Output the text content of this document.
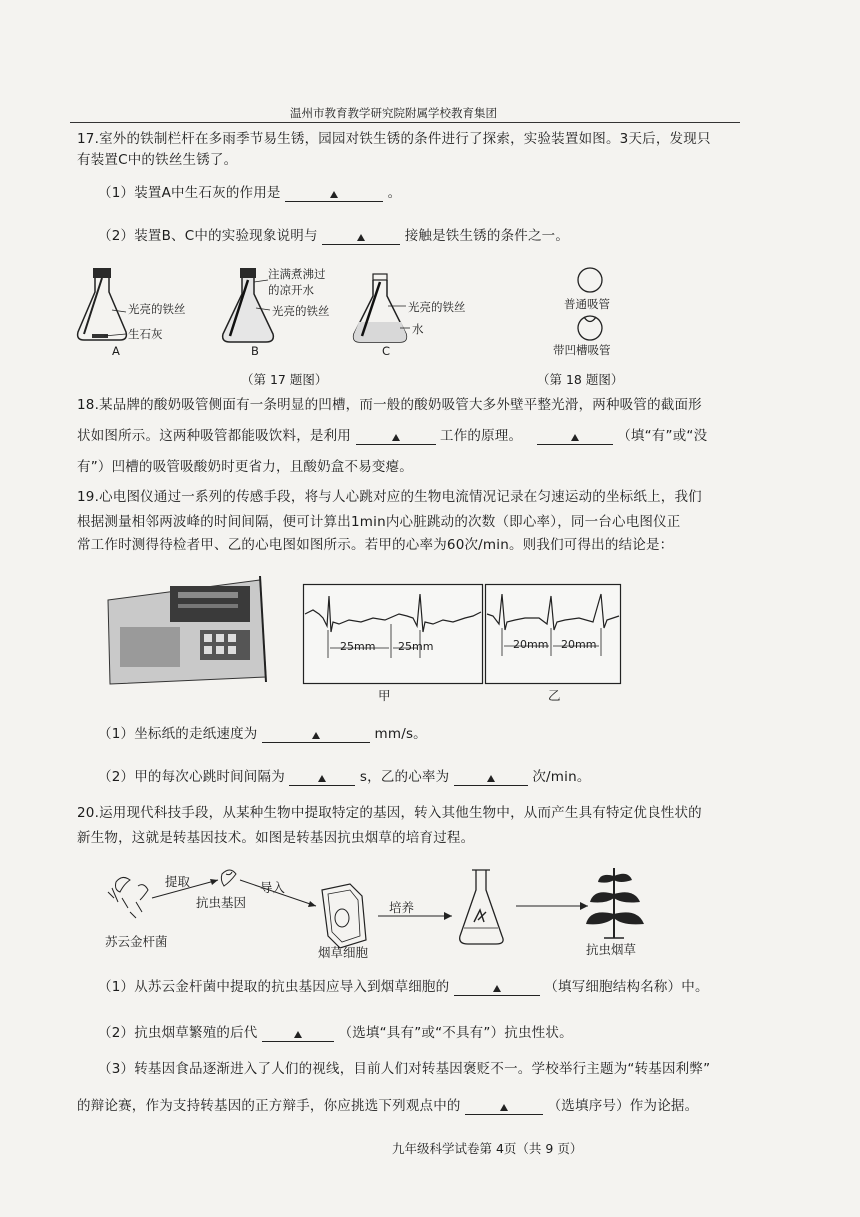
温州市教育教学研究院附属学校教育集团
17.室外的铁制栏杆在多雨季节易生锈，园园对铁生锈的条件进行了探索，实验装置如图。3天后，发现只
有装置C中的铁丝生锈了。
（1）装置A中生石灰的作用是	。
（2）装置B、C中的实验现象说明与	接触是铁生锈的条件之一。
光亮的铁丝
生石灰
注满煮沸过
的凉开水
光亮的铁丝	光亮的铁丝
水
A	B	C
普通吸管
带凹槽吸管
（第 17 题图）	（第 18 题图）
18.某品牌的酸奶吸管侧面有一条明显的凹槽，而一般的酸奶吸管大多外壁平整光滑，两种吸管的截面形
状如图所示。这两种吸管都能吸饮料，是利用	工作的原理。	（填“有”或“没
有”）凹槽的吸管吸酸奶时更省力，且酸奶盒不易变瘪。
19.心电图仪通过一系列的传感手段，将与人心跳对应的生物电流情况记录在匀速运动的坐标纸上，我们
根据测量相邻两波峰的时间间隔，便可计算出1min内心脏跳动的次数（即心率），同一台心电图仪正
常工作时测得待检者甲、乙的心电图如图所示。若甲的心率为60次/min。则我们可得出的结论是：
25mm 25mm	20mm 20mm
甲	乙
（1）坐标纸的走纸速度为	mm/s。
（2）甲的每次心跳时间间隔为	s，乙的心率为	次/min。
20.运用现代科技手段，从某种生物中提取特定的基因，转入其他生物中，从而产生具有特定优良性状的
新生物，这就是转基因技术。如图是转基因抗虫烟草的培育过程。
提取	导入
抗虫基因	培养
苏云金杆菌
烟草细胞	抗虫烟草
（1）从苏云金杆菌中提取的抗虫基因应导入到烟草细胞的	（填写细胞结构名称）中。
（2）抗虫烟草繁殖的后代	（选填“具有”或“不具有”）抗虫性状。
（3）转基因食品逐渐进入了人们的视线，目前人们对转基因褒贬不一。学校举行主题为“转基因利弊”
的辩论赛，作为支持转基因的正方辩手，你应挑选下列观点中的	（选填序号）作为论据。
九年级科学试卷第 4页（共 9 页）
